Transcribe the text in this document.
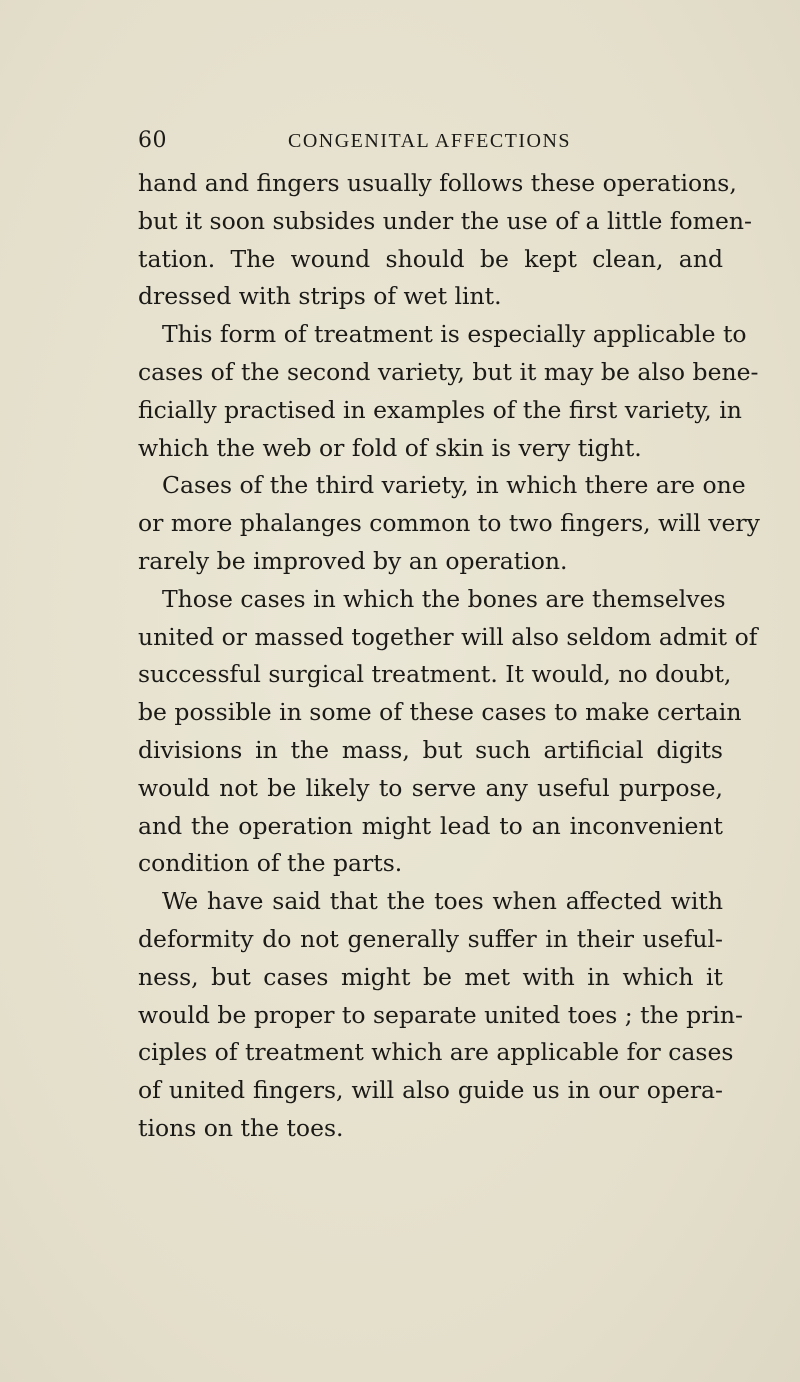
60	CONGENITAL AFFECTIONS
hand and fingers usually follows these operations,
but it soon subsides under the use of a little fomen-
tation. The wound should be kept clean, and
dressed with strips of wet lint.
This form of treatment is especially applicable to
cases of the second variety, but it may be also bene-
ficially practised in examples of the first variety, in
which the web or fold of skin is very tight.
Cases of the third variety, in which there are one
or more phalanges common to two fingers, will very
rarely be improved by an operation.
Those cases in which the bones are themselves
united or massed together will also seldom admit of
successful surgical treatment. It would, no doubt,
be possible in some of these cases to make certain
divisions in the mass, but such artificial digits
would not be likely to serve any useful purpose,
and the operation might lead to an inconvenient
condition of the parts.
We have said that the toes when affected with
deformity do not generally suffer in their useful-
ness, but cases might be met with in which it
would be proper to separate united toes ; the prin-
ciples of treatment which are applicable for cases
of united fingers, will also guide us in our opera-
tions on the toes.
